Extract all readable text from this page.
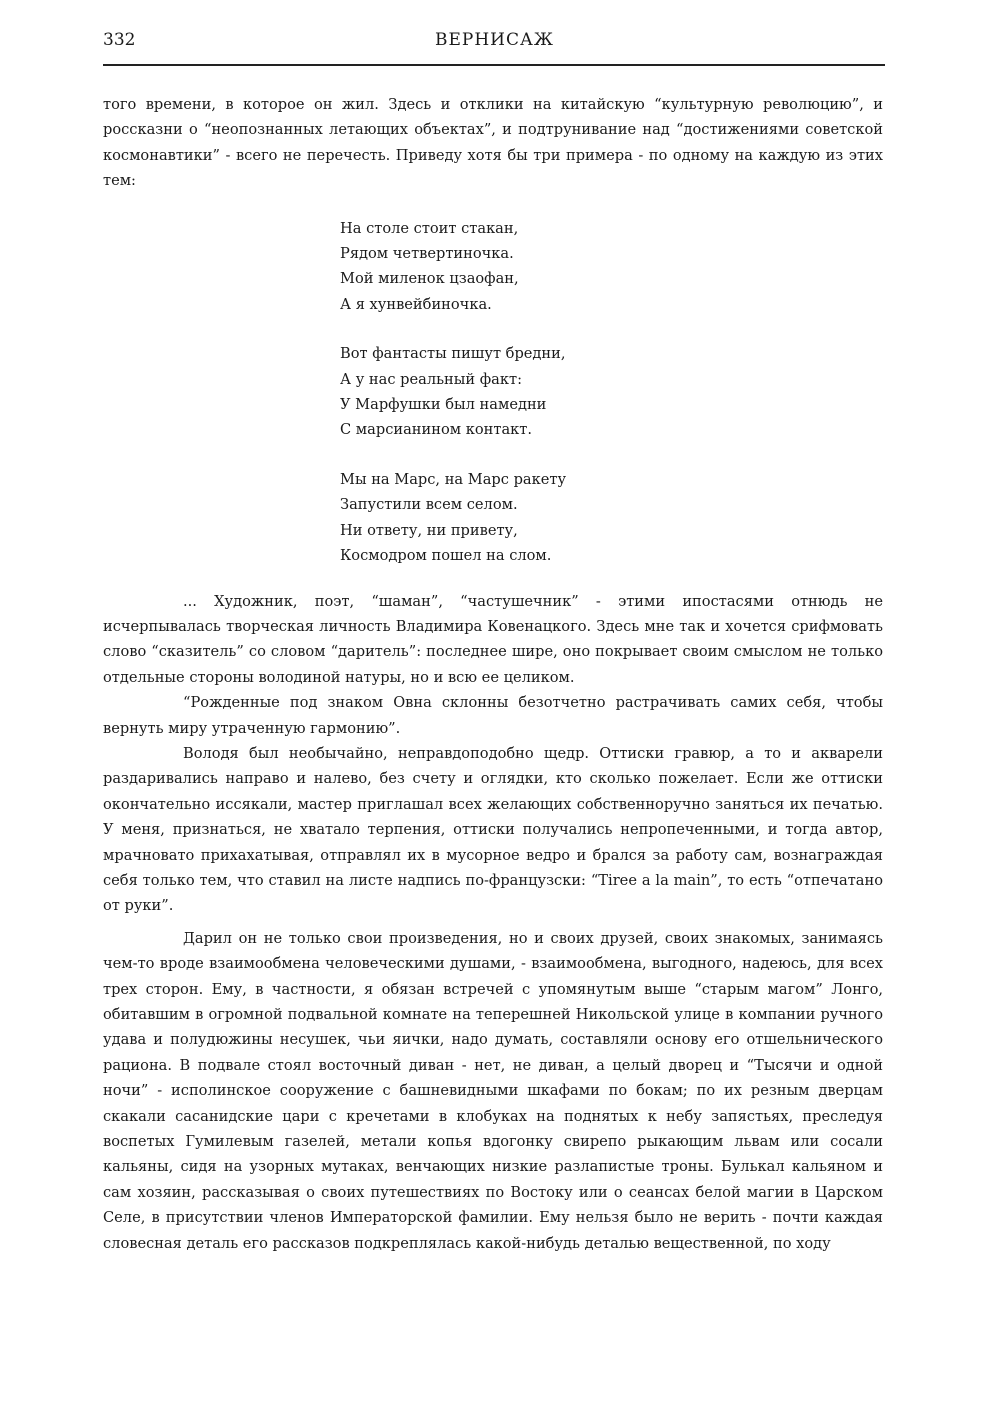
332	ВЕРНИСАЖ

того времени, в которое он жил. Здесь и отклики на китайскую “культурную революцию”, и россказни о “неопознанных летающих объектах”, и подтрунивание над “достижениями советской космонавтики” - всего не перечесть. Приведу хотя бы три примера - по одному на каждую из этих тем:

На столе стоит стакан,
Рядом четвертиночка.
Мой миленок цзаофан,
А я хунвейбиночка.
Вот фантасты пишут бредни,
А у нас реальный факт:
У Марфушки был намедни
С марсианином контакт.
Мы на Марс, на Марс ракету
Запустили всем селом.
Ни ответу, ни привету,
Космодром пошел на слом.

... Художник, поэт, “шаман”, “частушечник” - этими ипостасями отнюдь не исчерпывалась творческая личность Владимира Ковенацкого. Здесь мне так и хочется срифмовать слово “сказитель” со словом “даритель”: последнее шире, оно покрывает своим смыслом не только отдельные стороны володиной натуры, но и всю ее целиком.

“Рожденные под знаком Овна склонны безотчетно растрачивать самих себя, чтобы вернуть миру утраченную гармонию”.

Володя был необычайно, неправдоподобно щедр. Оттиски гравюр, а то и акварели раздаривались направо и налево, без счету и оглядки, кто сколько пожелает. Если же оттиски окончательно иссякали, мастер приглашал всех желающих собственноручно заняться их печатью. У меня, признаться, не хватало терпения, оттиски получались непропеченными, и тогда автор, мрачновато прихахатывая, отправлял их в мусорное ведро и брался за работу сам, вознаграждая себя только тем, что ставил на листе надпись по-французски: “Tiree a la main”, то есть “отпечатано от руки”.

Дарил он не только свои произведения, но и своих друзей, своих знакомых, занимаясь чем-то вроде взаимообмена человеческими душами, - взаимообмена, выгодного, надеюсь, для всех трех сторон. Ему, в частности, я обязан встречей с упомянутым выше “старым магом” Лонго, обитавшим в огромной подвальной комнате на теперешней Никольской улице в компании ручного удава и полудюжины несушек, чьи яички, надо думать, составляли основу его отшельнического рациона. В подвале стоял восточный диван - нет, не диван, а целый дворец и “Тысячи и одной ночи” - исполинское сооружение с башневидными шкафами по бокам; по их резным дверцам скакали сасанидские цари с кречетами в клобуках на поднятых к небу запястьях, преследуя воспетых Гумилевым газелей, метали копья вдогонку свирепо рыкающим львам или сосали кальяны, сидя на узорных мутаках, венчающих низкие разлапистые троны. Булькал кальяном и сам хозяин, рассказывая о своих путешествиях по Востоку или о сеансах белой магии в Царском Селе, в присутствии членов Императорской фамилии. Ему нельзя было не верить - почти каждая словесная деталь его рассказов подкреплялась какой-нибудь деталью вещественной, по ходу
